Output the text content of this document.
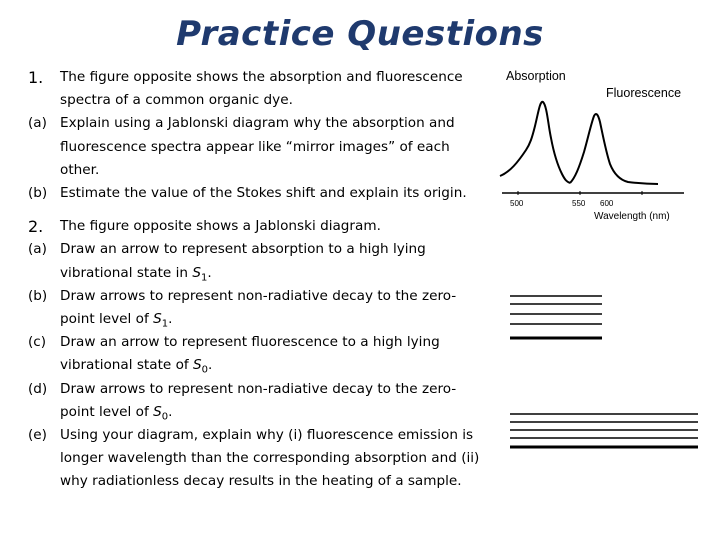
Practice Questions

1. The figure opposite shows the absorption and fluorescence spectra of a common organic dye.

(a) Explain using a Jablonski diagram why the absorption and fluorescence spectra appear like “mirror images” of each other.

(b) Estimate the value of the Stokes shift and explain its origin.

2. The figure opposite shows a Jablonski diagram.

(a) Draw an arrow to represent absorption to a high lying vibrational state in $S_1$.

(b) Draw arrows to represent non-radiative decay to the zero-point level of $S_1$.

(c) Draw an arrow to represent fluorescence to a high lying vibrational state of $S_0$.

(d) Draw arrows to represent non-radiative decay to the zero-point level of $S_0$.

(e) Using your diagram, explain why (i) fluorescence emission is longer wavelength than the corresponding absorption and (ii) why radiationless decay results in the heating of a sample.

Absorption
Fluorescence
500	550 600
Wavelength (nm)
